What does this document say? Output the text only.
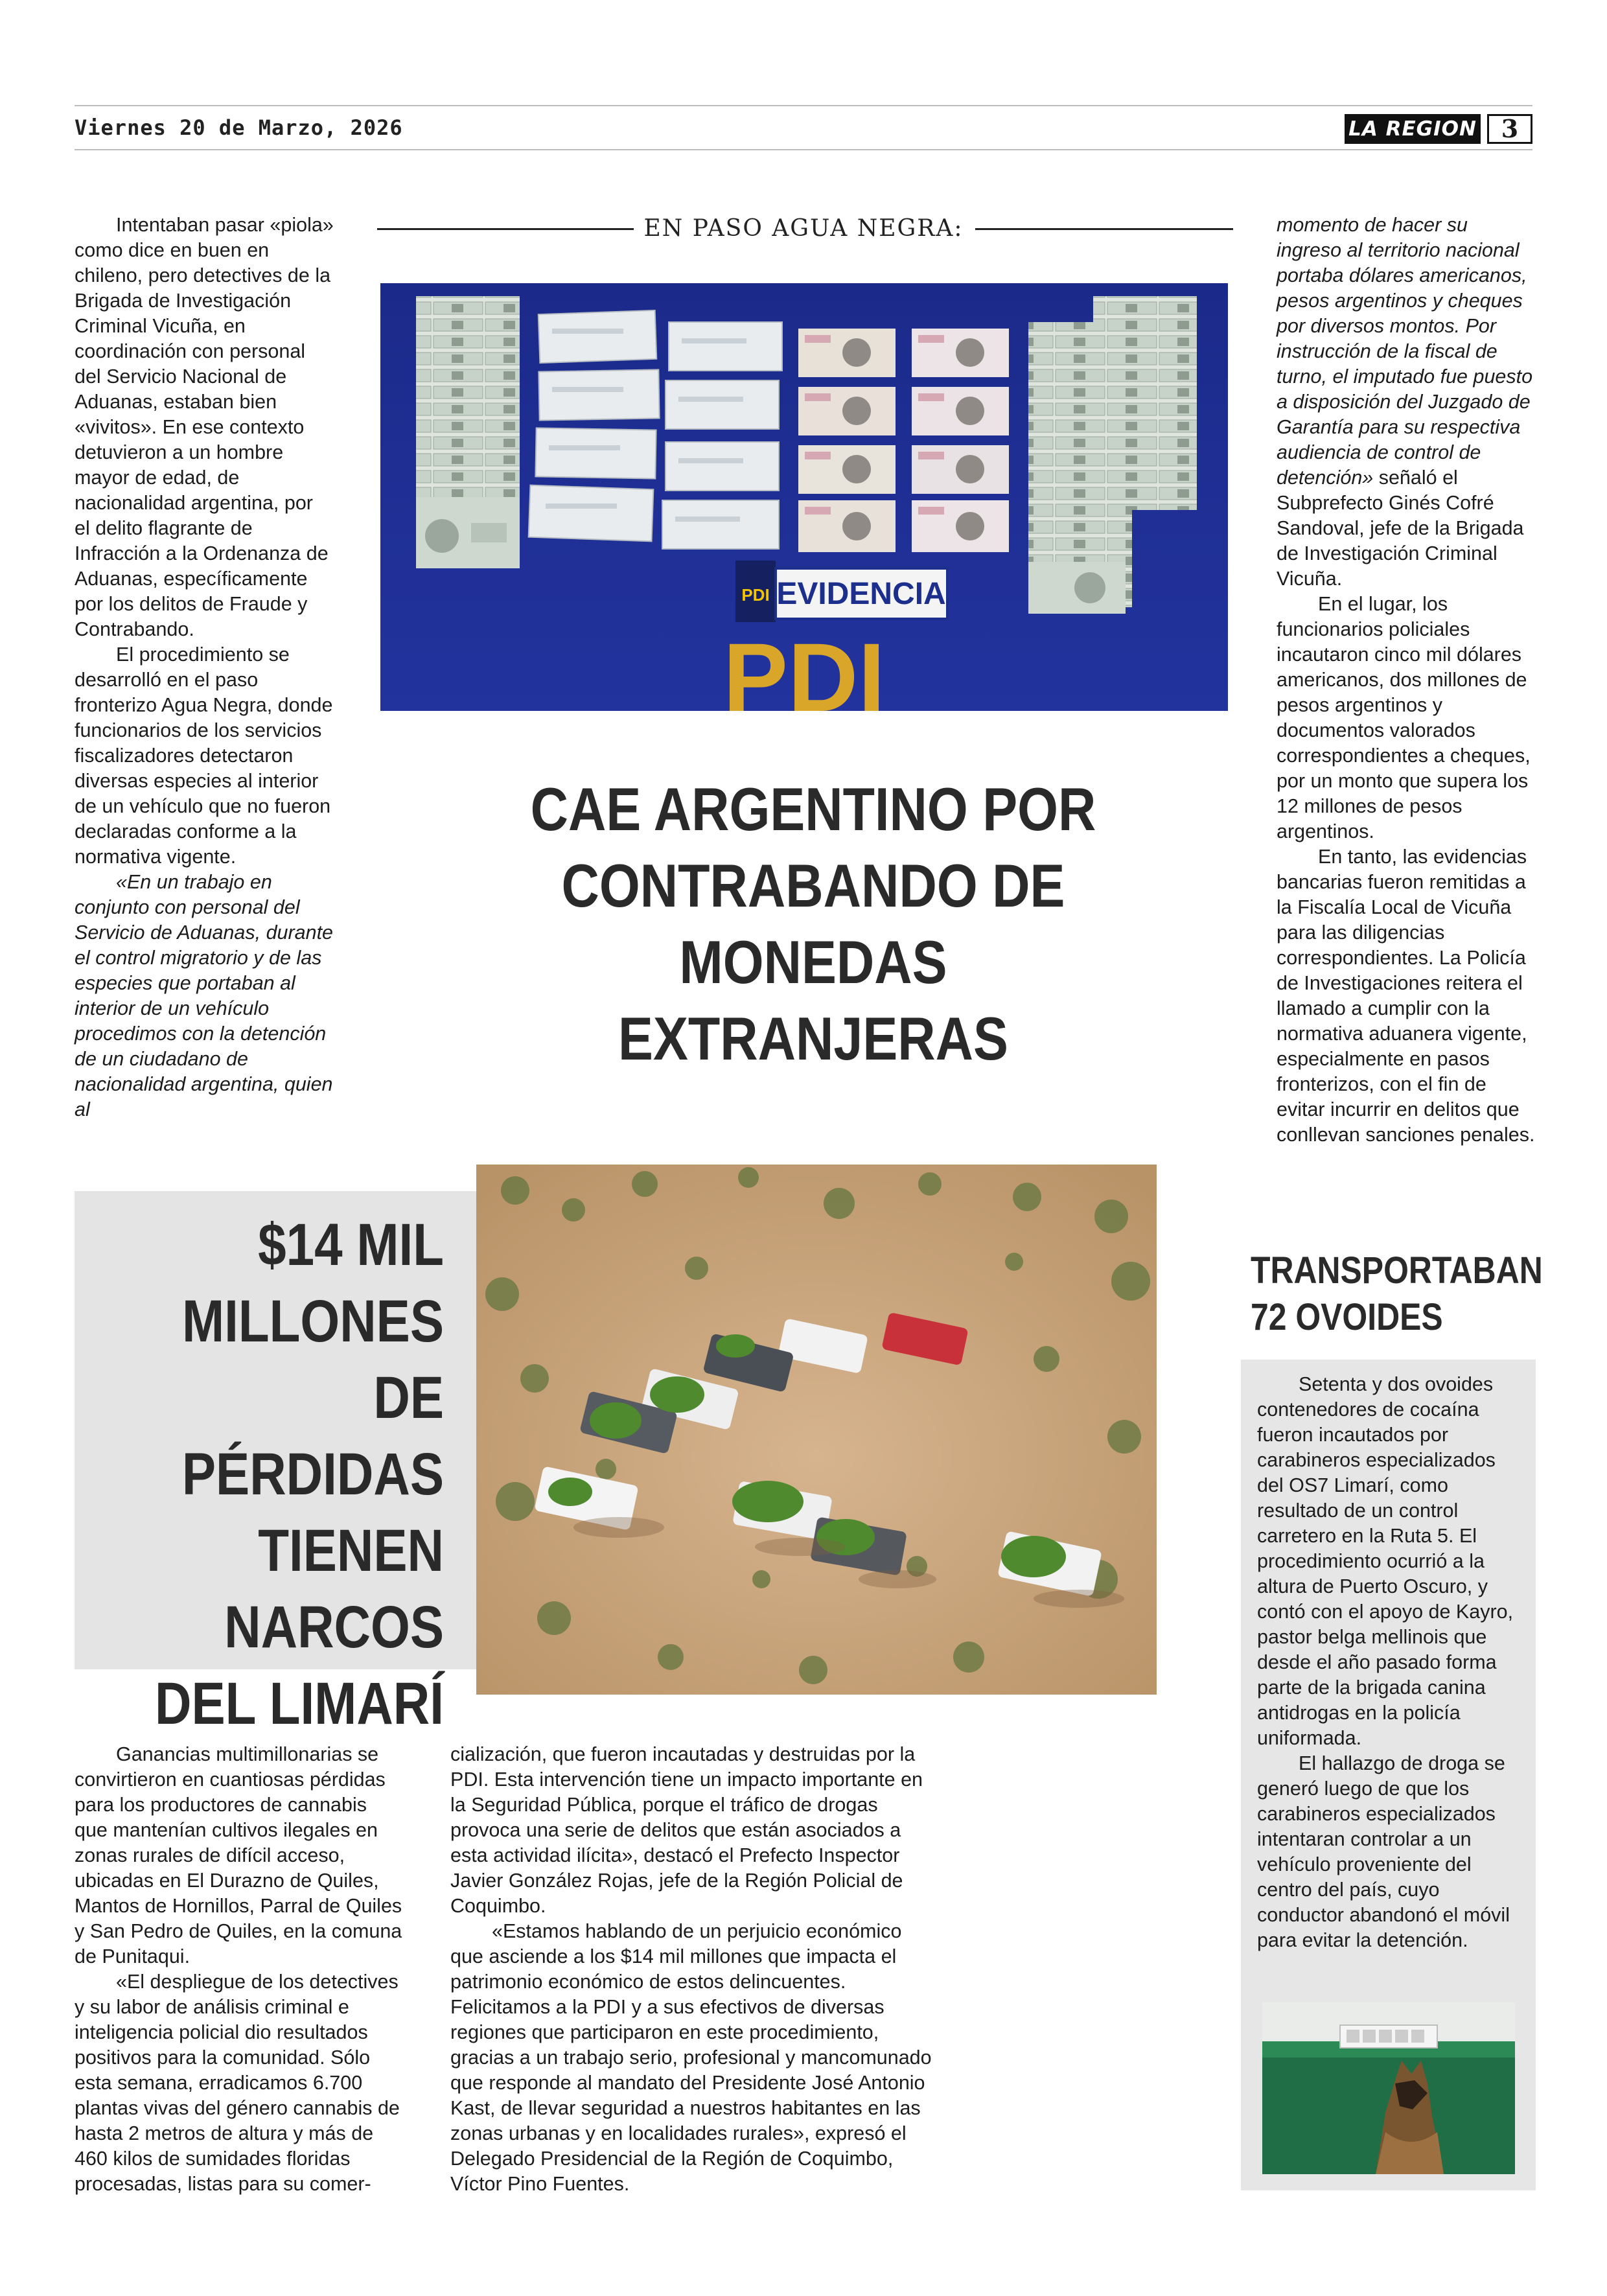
Viernes 20 de Marzo, 2026	LA REGION 3

Intentaban pasar «piola» como dice en buen en chileno, pero detectives de la Brigada de Investigación Criminal Vicuña, en coordinación con personal del Servicio Nacional de Aduanas, estaban bien «vivitos». En ese contexto detuvieron a un hombre mayor de edad, de nacionalidad argentina, por el delito flagrante de Infracción a la Ordenanza de Aduanas, específicamente por los delitos de Fraude y Contrabando.

El procedimiento se desarrolló en el paso fronterizo Agua Negra, donde funcionarios de los servicios fiscalizadores detectaron diversas especies al interior de un vehículo que no fueron declaradas conforme a la normativa vigente.

«En un trabajo en conjunto con personal del Servicio de Aduanas, durante el control migratorio y de las especies que portaban al interior de un vehículo procedimos con la detención de un ciudadano de nacionalidad argentina, quien al

EN PASO AGUA NEGRA:
PDI EVIDENCIA
PDI
CAE ARGENTINO POR
CONTRABANDO DE
MONEDAS EXTRANJERAS

momento de hacer su ingreso al territorio nacional portaba dólares americanos, pesos argentinos y cheques por diversos montos. Por instrucción de la fiscal de turno, el imputado fue puesto a disposición del Juzgado de Garantía para su respectiva audiencia de control de detención» señaló el Subprefecto Ginés Cofré Sandoval, jefe de la Brigada de Investigación Criminal Vicuña.

En el lugar, los funcionarios policiales incautaron cinco mil dólares americanos, dos millones de pesos argentinos y documentos valorados correspondientes a cheques, por un monto que supera los 12 millones de pesos argentinos.

En tanto, las evidencias bancarias fueron remitidas a la Fiscalía Local de Vicuña para las diligencias correspondientes. La Policía de Investigaciones reitera el llamado a cumplir con la normativa aduanera vigente, especialmente en pasos fronterizos, con el fin de evitar incurrir en delitos que conllevan sanciones penales.

$14 MIL
MILLONES
DE PÉRDIDAS
TIENEN
NARCOS
DEL LIMARÍ

Ganancias multimillonarias se convirtieron en cuantiosas pérdidas para los productores de cannabis que mantenían cultivos ilegales en zonas rurales de difícil acceso, ubicadas en El Durazno de Quiles, Mantos de Hornillos, Parral de Quiles y San Pedro de Quiles, en la comuna de Punitaqui.

«El despliegue de los detectives y su labor de análisis criminal e inteligencia policial dio resultados positivos para la comunidad. Sólo esta semana, erradicamos 6.700 plantas vivas del género cannabis de hasta 2 metros de altura y más de 460 kilos de sumidades floridas procesadas, listas para su comer-

cialización, que fueron incautadas y destruidas por la PDI. Esta intervención tiene un impacto importante en la Seguridad Pública, porque el tráfico de drogas provoca una serie de delitos que están asociados a esta actividad ilícita», destacó el Prefecto Inspector Javier González Rojas, jefe de la Región Policial de Coquimbo.

«Estamos hablando de un perjuicio económico que asciende a los $14 mil millones que impacta el patrimonio económico de estos delincuentes. Felicitamos a la PDI y a sus efectivos de diversas regiones que participaron en este procedimiento, gracias a un trabajo serio, profesional y mancomunado que responde al mandato del Presidente José Antonio Kast, de llevar seguridad a nuestros habitantes en las zonas urbanas y en localidades rurales», expresó el Delegado Presidencial de la Región de Coquimbo, Víctor Pino Fuentes.

TRANSPORTABAN
72 OVOIDES

Setenta y dos ovoides contenedores de cocaína fueron incautados por carabineros especializados del OS7 Limarí, como resultado de un control carretero en la Ruta 5. El procedimiento ocurrió a la altura de Puerto Oscuro, y contó con el apoyo de Kayro, pastor belga mellinois que desde el año pasado forma parte de la brigada canina antidrogas en la policía uniformada.

El hallazgo de droga se generó luego de que los carabineros especializados intentaran controlar a un vehículo proveniente del centro del país, cuyo conductor abandonó el móvil para evitar la detención.
